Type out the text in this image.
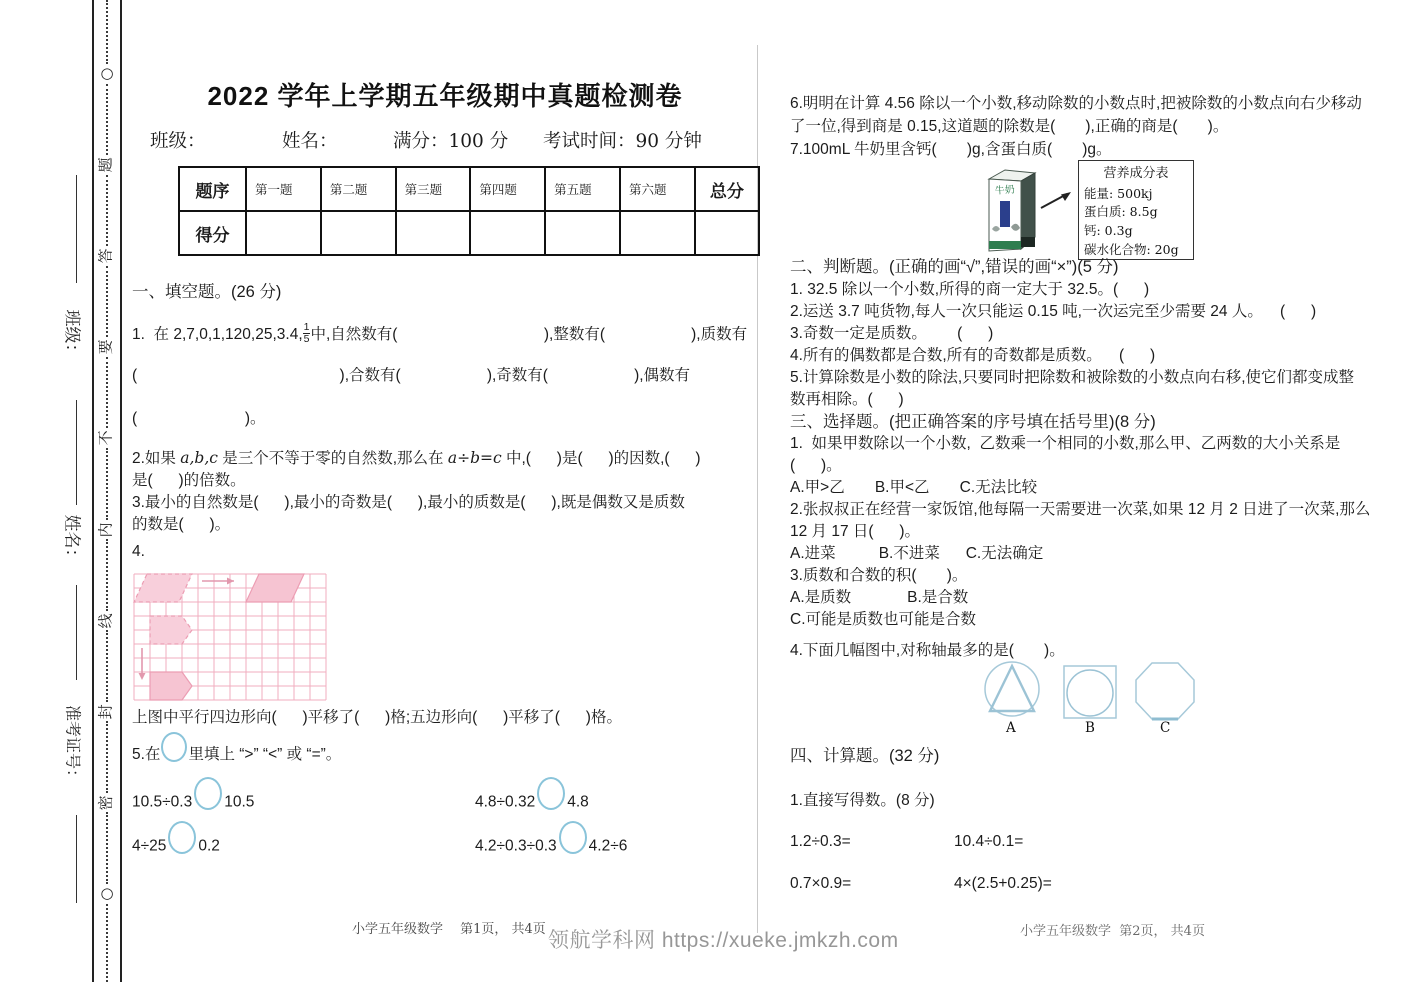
班级：
姓名：
准考证号：
○
题
答
要
不
内
线
封
密
○
2022 学年上学期五年级期中真题检测卷
班级：	姓名：	满分：100 分 考试时间：90 分钟
题序	第一题	第二题	第三题	第四题	第五题	第六题	总分
得分							
一、填空题。(26 分)
1.  在 2,7,0,1,120,25,3.4, $\frac{1}{5}$ 中,自然数有(                                  ),整数有(                    ),质数有
(                                               ),合数有(                    ),奇数有(                    ),偶数有
(                         )。
2.如果 a,b,c 是三个不等于零的自然数,那么在 a÷b=c 中,(      )是(      )的因数,(      )
是(      )的倍数。
3.最小的自然数是(      ),最小的奇数是(      ),最小的质数是(      ),既是偶数又是质数
的数是(      )。
4.
上图中平行四边形向(      )平移了(      )格;五边形向(      )平移了(      )格。
5.在 里填上 “>” “<” 或 “=”。
10.5÷0.3 10.5	4.8÷0.32 4.8
4÷25 0.2	4.2÷0.3÷0.3 4.2÷6
小学五年级数学　 第1页， 共4页
6.明明在计算 4.56 除以一个小数,移动除数的小数点时,把被除数的小数点向右少移动
了一位,得到商是 0.15,这道题的除数是(       ),正确的商是(       )。
7.100mL 牛奶里含钙(       )g,含蛋白质(       )g。
牛奶
营养成分表
能量: 500kj
蛋白质: 8.5g
钙: 0.3g
碳水化合物: 20g
二、判断题。(正确的画“√”,错误的画“×”)(5 分)
1. 32.5 除以一个小数,所得的商一定大于 32.5。(      )
2.运送 3.7 吨货物,每人一次只能运 0.15 吨,一次运完至少需要 24 人。    (      )
3.奇数一定是质数。       (      )
4.所有的偶数都是合数,所有的奇数都是质数。    (      )
5.计算除数是小数的除法,只要同时把除数和被除数的小数点向右移,使它们都变成整
数再相除。(      )
三、选择题。(把正确答案的序号填在括号里)(8 分)
1.  如果甲数除以一个小数,  乙数乘一个相同的小数,那么甲、乙两数的大小关系是
(      )。
A.甲>乙       B.甲<乙       C.无法比较
2.张叔叔正在经营一家饭馆,他每隔一天需要进一次菜,如果 12 月 2 日进了一次菜,那么
12 月 17 日(      )。
A.进菜          B.不进菜      C.无法确定
3.质数和合数的积(       )。
A.是质数             B.是合数
C.可能是质数也可能是合数
4.下面几幅图中,对称轴最多的是(       )。
A	B	C
四、计算题。(32 分)
1.直接写得数。(8 分)
1.2÷0.3=	10.4÷0.1=
0.7×0.9=	4×(2.5+0.25)=
小学五年级数学  第2页， 共4页
领航学科网 https://xueke.jmkzh.com
